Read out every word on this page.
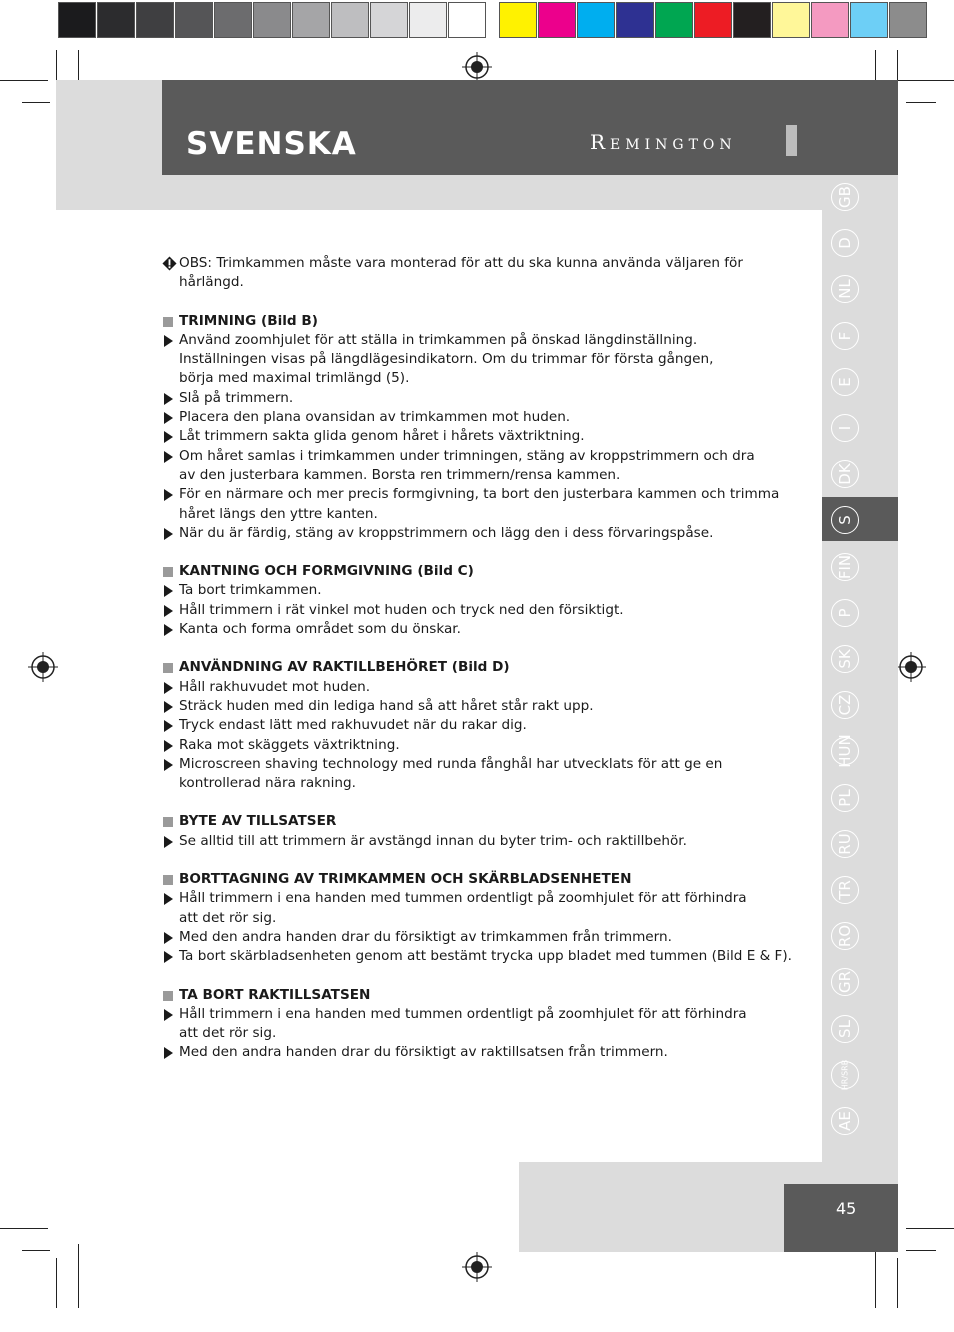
SVENSKA	Remington
GB
D
NL
F
E
I
DK
S
FIN
P
SK
CZ
HUN
PL
RU
TR
RO
GR
SL
HR/SRB
AE
OBS: Trimkammen måste vara monterad för att du ska kunna använda väljaren för
hårlängd.
TRIMNING (Bild B)
Använd zoomhjulet för att ställa in trimkammen på önskad längdinställning.
Inställningen visas på längdlägesindikatorn. Om du trimmar för första gången,
börja med maximal trimlängd (5).
Slå på trimmern.
Placera den plana ovansidan av trimkammen mot huden.
Låt trimmern sakta glida genom håret i hårets växtriktning.
Om håret samlas i trimkammen under trimningen, stäng av kroppstrimmern och dra
av den justerbara kammen. Borsta ren trimmern/rensa kammen.
För en närmare och mer precis formgivning, ta bort den justerbara kammen och trimma
håret längs den yttre kanten.
När du är färdig, stäng av kroppstrimmern och lägg den i dess förvaringspåse.
KANTNING OCH FORMGIVNING (Bild C)
Ta bort trimkammen.
Håll trimmern i rät vinkel mot huden och tryck ned den försiktigt.
Kanta och forma området som du önskar.
ANVÄNDNING AV RAKTILLBEHÖRET (Bild D)
Håll rakhuvudet mot huden.
Sträck huden med din lediga hand så att håret står rakt upp.
Tryck endast lätt med rakhuvudet när du rakar dig.
Raka mot skäggets växtriktning.
Microscreen shaving technology med runda fånghål har utvecklats för att ge en
kontrollerad nära rakning.
BYTE AV TILLSATSER
Se alltid till att trimmern är avstängd innan du byter trim- och raktillbehör.
BORTTAGNING AV TRIMKAMMEN OCH SKÄRBLADSENHETEN
Håll trimmern i ena handen med tummen ordentligt på zoomhjulet för att förhindra
att det rör sig.
Med den andra handen drar du försiktigt av trimkammen från trimmern.
Ta bort skärbladsenheten genom att bestämt trycka upp bladet med tummen (Bild E & F).
TA BORT RAKTILLSATSEN
Håll trimmern i ena handen med tummen ordentligt på zoomhjulet för att förhindra
att det rör sig.
Med den andra handen drar du försiktigt av raktillsatsen från trimmern.
45
